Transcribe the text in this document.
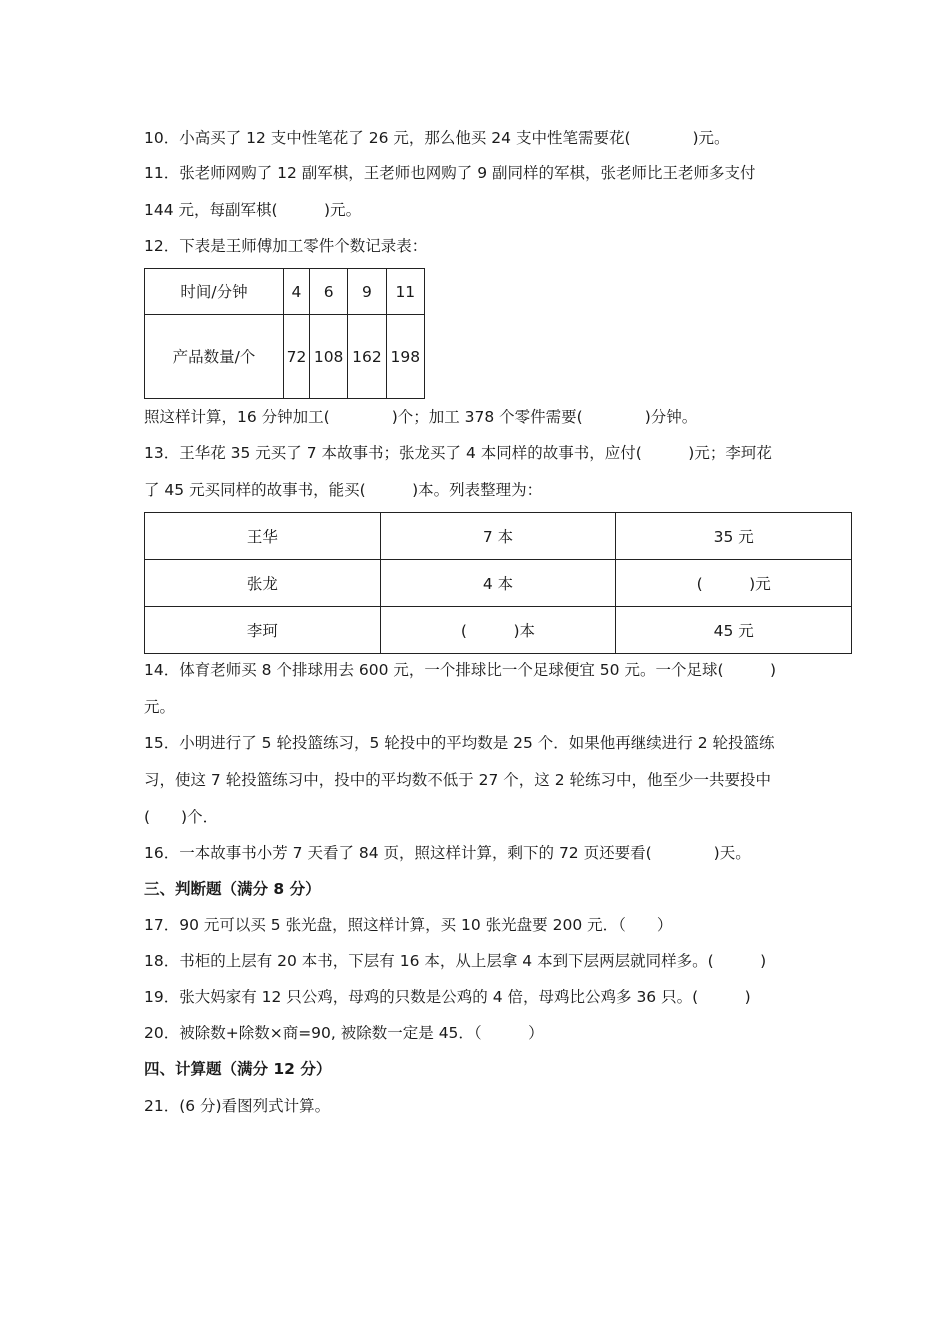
10．小高买了 12 支中性笔花了 26 元，那么他买 24 支中性笔需要花(　　　　)元。
11．张老师网购了 12 副军棋，王老师也网购了 9 副同样的军棋，张老师比王老师多支付
144 元，每副军棋(　　　)元。
12．下表是王师傅加工零件个数记录表：
时间/分钟	4	6	9	11
产品数量/个	72	108	162	198
照这样计算，16 分钟加工(　　　　)个；加工 378 个零件需要(　　　　)分钟。
13．王华花 35 元买了 7 本故事书；张龙买了 4 本同样的故事书，应付(　　　)元；李珂花
了 45 元买同样的故事书，能买(　　　)本。列表整理为：
王华	7 本	35 元
张龙	4 本	(　　　)元
李珂	(　　　)本	45 元
14．体育老师买 8 个排球用去 600 元，一个排球比一个足球便宜 50 元。一个足球(　　　)
元。
15．小明进行了 5 轮投篮练习，5 轮投中的平均数是 25 个．如果他再继续进行 2 轮投篮练
习，使这 7 轮投篮练习中，投中的平均数不低于 27 个，这 2 轮练习中，他至少一共要投中
(　　)个．
16．一本故事书小芳 7 天看了 84 页，照这样计算，剩下的 72 页还要看(　　　　)天。
三、判断题（满分 8 分）
17．90 元可以买 5 张光盘，照这样计算，买 10 张光盘要 200 元．（　　）
18．书柜的上层有 20 本书，下层有 16 本，从上层拿 4 本到下层两层就同样多。(　　　)
19．张大妈家有 12 只公鸡，母鸡的只数是公鸡的 4 倍，母鸡比公鸡多 36 只。(　　　)
20．被除数+除数×商=90, 被除数一定是 45．（　　　）
四、计算题（满分 12 分）
21．(6 分)看图列式计算。
